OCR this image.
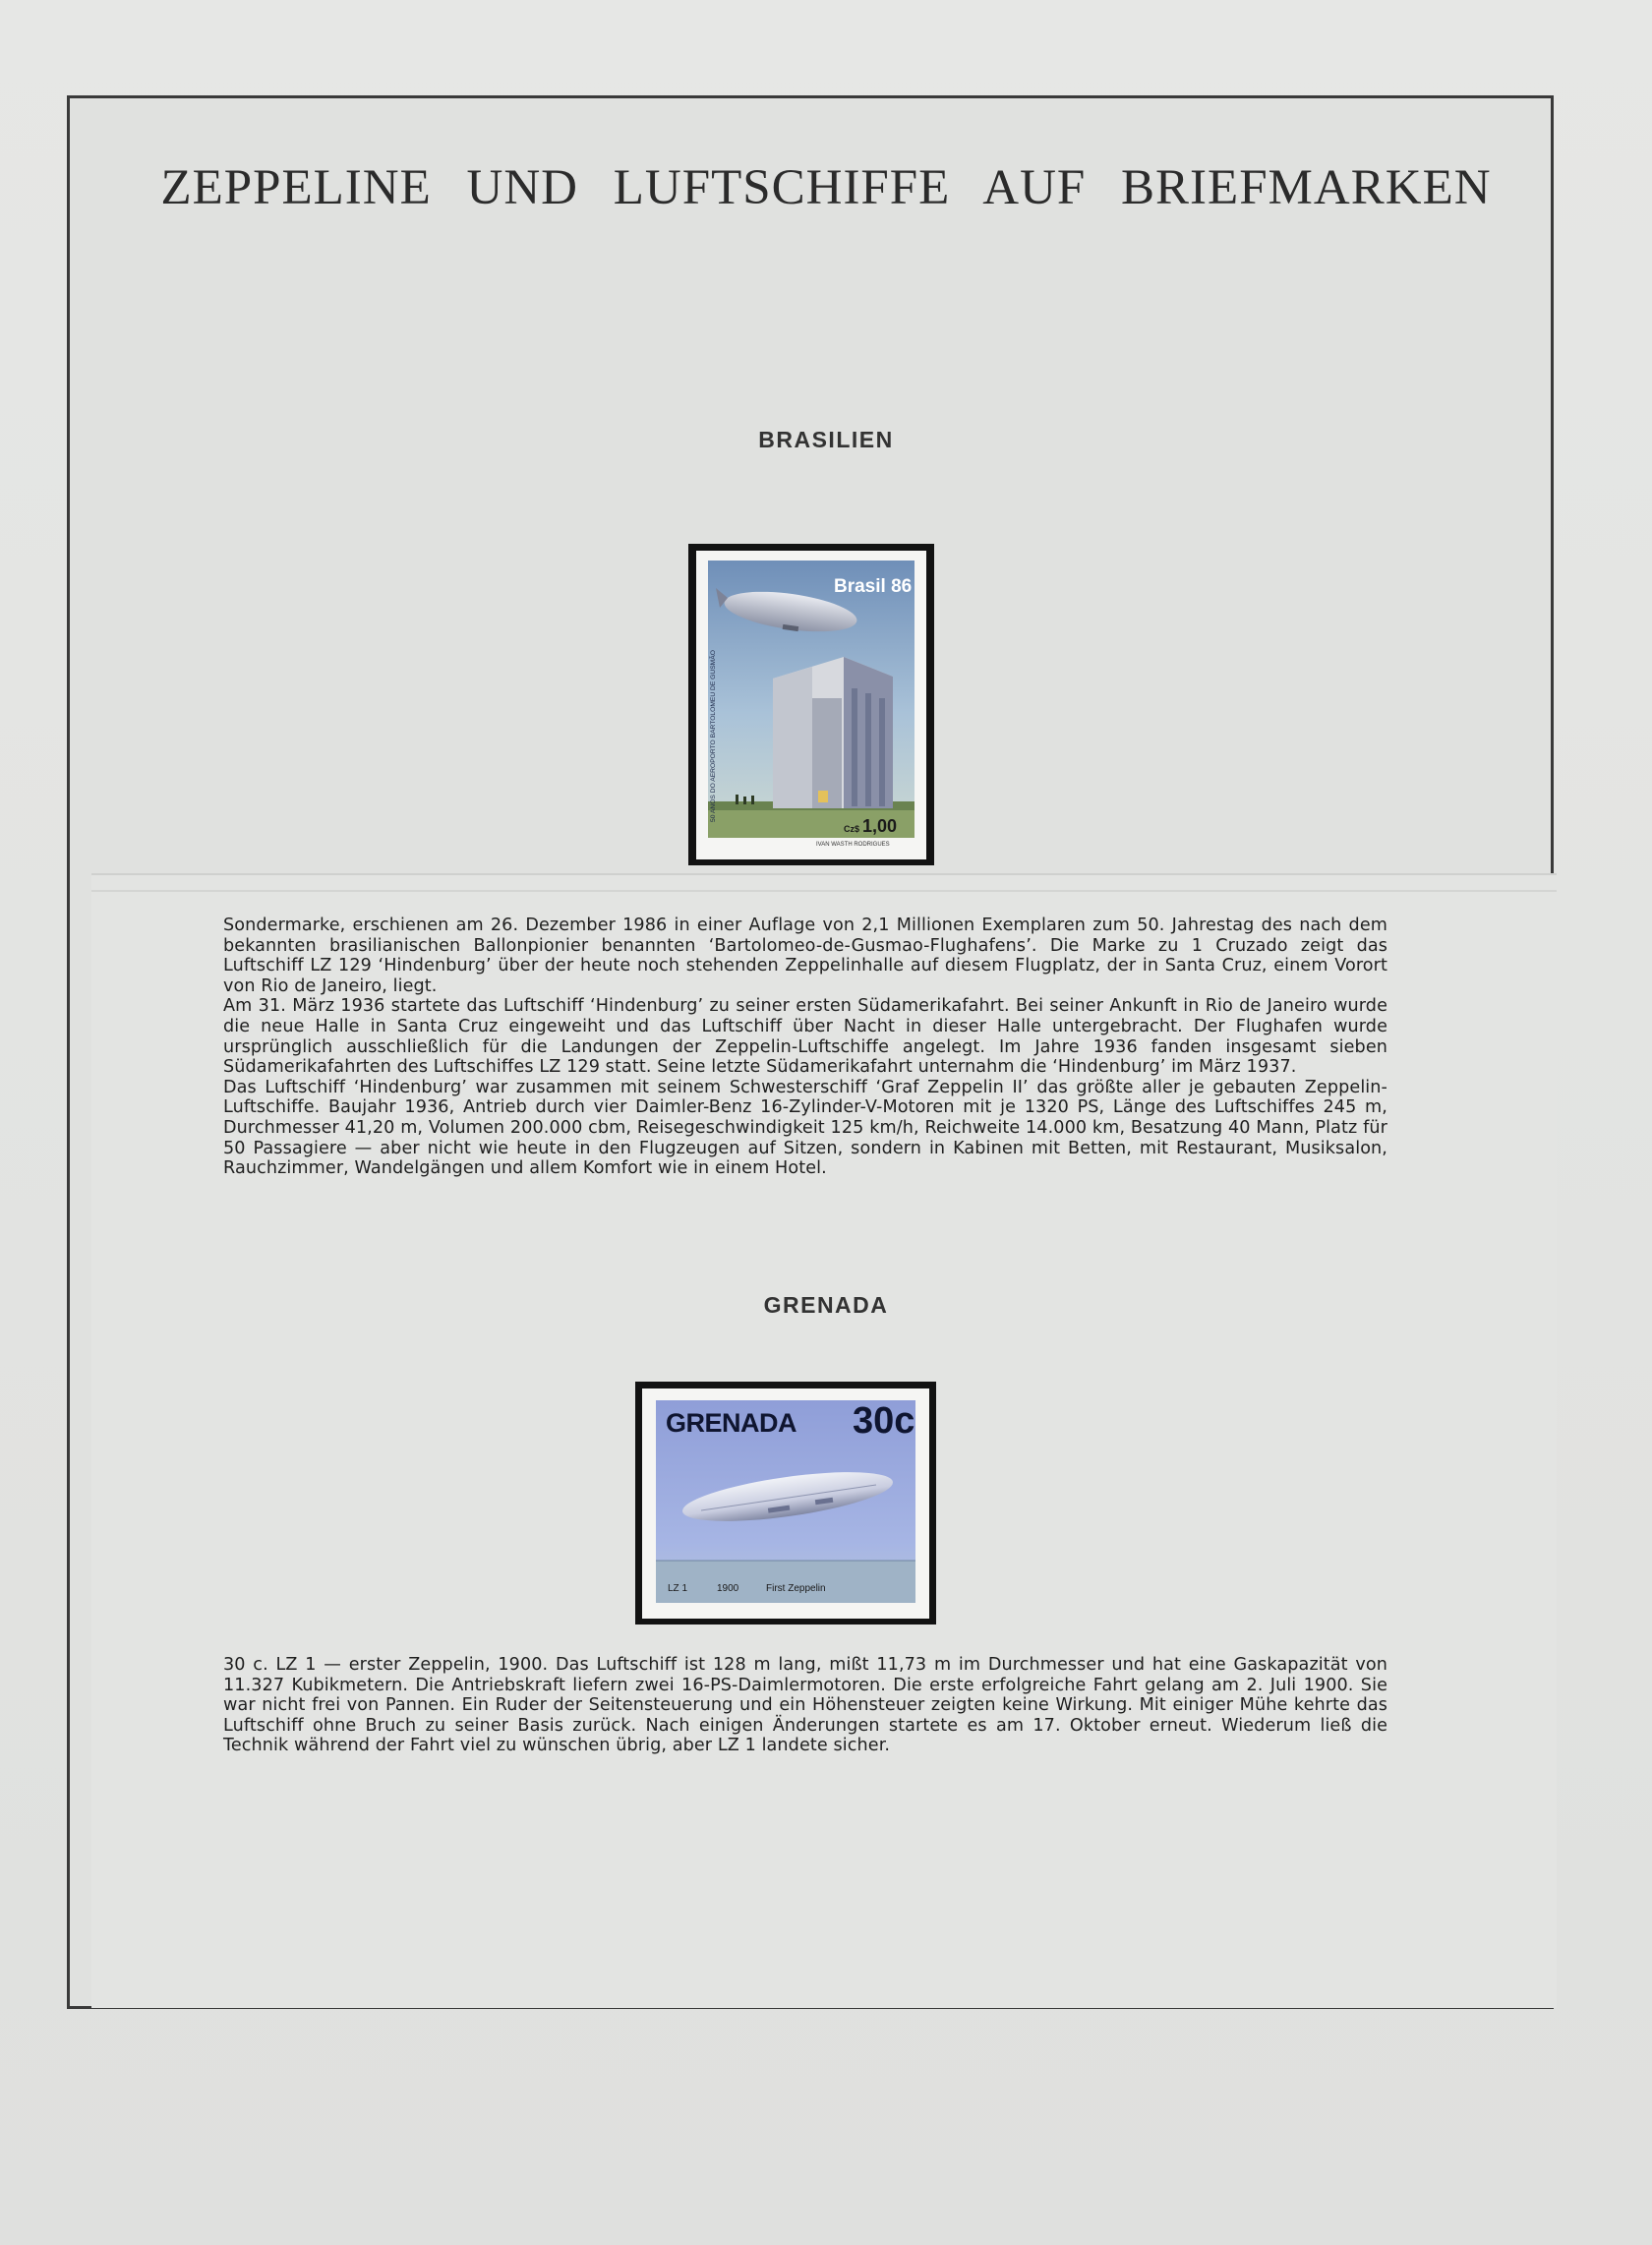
ZEPPELINE UND LUFTSCHIFFE AUF BRIEFMARKEN
BRASILIEN
Brasil 86
50 ANOS DO AEROPORTO BARTOLOMEU DE GUSMÃO
Cz$ 1,00
IVAN WASTH RODRIGUES

Sondermarke, erschienen am 26. Dezember 1986 in einer Auflage von 2,1 Millionen Exemplaren zum 50. Jahrestag des nach dem bekannten brasilianischen Ballonpionier benannten ‘Bartolomeo-de-Gusmao-Flughafens’. Die Marke zu 1 Cruzado zeigt das Luftschiff LZ 129 ‘Hindenburg’ über der heute noch stehenden Zeppelinhalle auf diesem Flugplatz, der in Santa Cruz, einem Vorort von Rio de Janeiro, liegt.

Am 31. März 1936 startete das Luftschiff ‘Hindenburg’ zu seiner ersten Südamerikafahrt. Bei seiner Ankunft in Rio de Janeiro wurde die neue Halle in Santa Cruz eingeweiht und das Luftschiff über Nacht in dieser Halle untergebracht. Der Flughafen wurde ursprünglich ausschließlich für die Landungen der Zeppelin-Luftschiffe angelegt. Im Jahre 1936 fanden insgesamt sieben Südamerikafahrten des Luftschiffes LZ 129 statt. Seine letzte Südamerikafahrt unternahm die ‘Hindenburg’ im März 1937.

Das Luftschiff ‘Hindenburg’ war zusammen mit seinem Schwesterschiff ‘Graf Zeppelin II’ das größte aller je gebauten Zeppelin-Luftschiffe. Baujahr 1936, Antrieb durch vier Daimler-Benz 16-Zylinder-V-Motoren mit je 1320 PS, Länge des Luftschiffes 245 m, Durchmesser 41,20 m, Volumen 200.000 cbm, Reisegeschwindigkeit 125 km/h, Reichweite 14.000 km, Besatzung 40 Mann, Platz für 50 Passagiere — aber nicht wie heute in den Flugzeugen auf Sitzen, sondern in Kabinen mit Betten, mit Restaurant, Musiksalon, Rauchzimmer, Wandelgängen und allem Komfort wie in einem Hotel.

GRENADA
GRENADA 30c
LZ 1	1900	First Zeppelin

30 c. LZ 1 — erster Zeppelin, 1900. Das Luftschiff ist 128 m lang, mißt 11,73 m im Durchmesser und hat eine Gaskapazität von 11.327 Kubikmetern. Die Antriebskraft liefern zwei 16-PS-Daimlermotoren. Die erste erfolgreiche Fahrt gelang am 2. Juli 1900. Sie war nicht frei von Pannen. Ein Ruder der Seitensteuerung und ein Höhensteuer zeigten keine Wirkung. Mit einiger Mühe kehrte das Luftschiff ohne Bruch zu seiner Basis zurück. Nach einigen Änderungen startete es am 17. Oktober erneut. Wiederum ließ die Technik während der Fahrt viel zu wünschen übrig, aber LZ 1 landete sicher.
